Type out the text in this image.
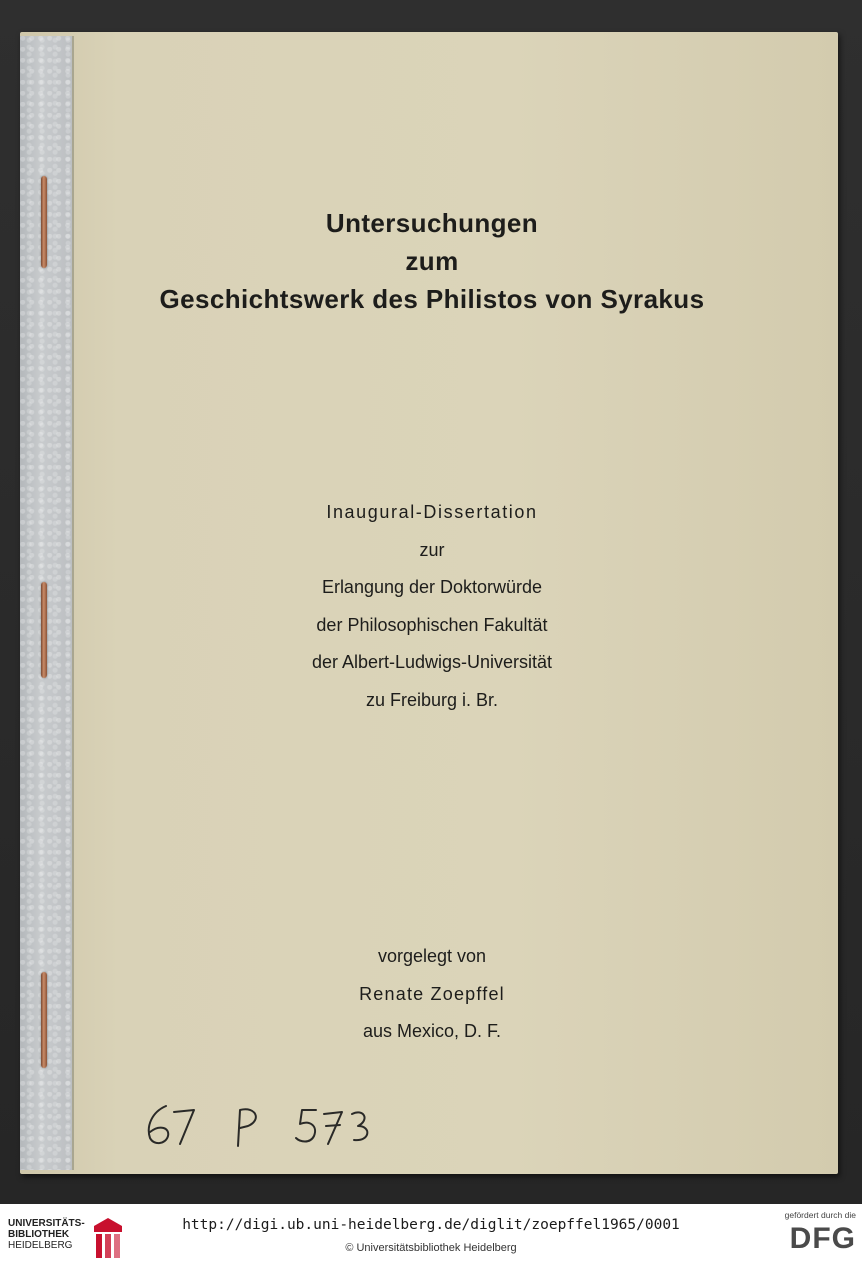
Untersuchungen
zum
Geschichtswerk des Philistos von Syrakus
Inaugural-Dissertation
zur
Erlangung der Doktorwürde
der Philosophischen Fakultät
der Albert-Ludwigs-Universität
zu Freiburg i. Br.
vorgelegt von
Renate Zoepffel
aus Mexico, D. F.
UNIVERSITÄTS-
BIBLIOTHEK
HEIDELBERG
http://digi.ub.uni-heidelberg.de/diglit/zoepffel1965/0001
© Universitätsbibliothek Heidelberg
gefördert durch die
DFG
